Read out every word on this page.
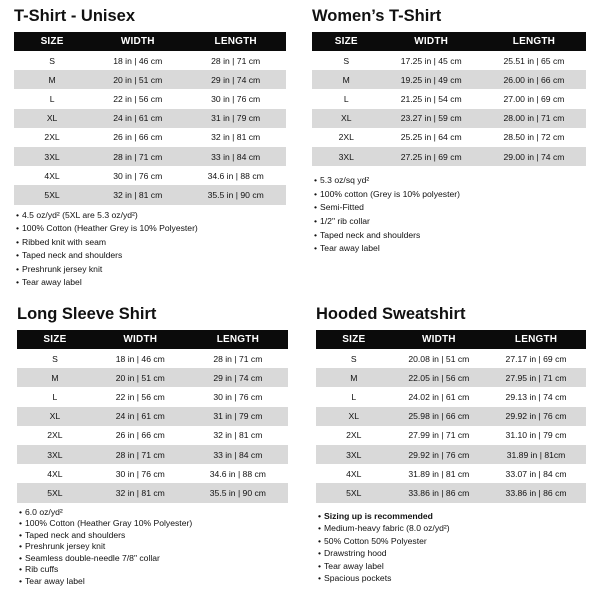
T-Shirt - Unisex
SIZE	WIDTH	LENGTH
S	18 in | 46 cm	28 in | 71 cm
M	20 in | 51 cm	29 in | 74 cm
L	22 in | 56 cm	30 in | 76 cm
XL	24 in | 61 cm	31 in | 79 cm
2XL	26 in | 66 cm	32 in | 81 cm
3XL	28 in | 71 cm	33 in | 84 cm
4XL	30 in | 76 cm	34.6 in | 88 cm
5XL	32 in | 81 cm	35.5 in | 90 cm
• 4.5 oz/yd² (5XL are 5.3 oz/yd²)
• 100% Cotton (Heather Grey is 10% Polyester)
• Ribbed knit with seam
• Taped neck and shoulders
• Preshrunk jersey knit
• Tear away label
Women’s T-Shirt
SIZE	WIDTH	LENGTH
S	17.25 in | 45 cm	25.51 in | 65 cm
M	19.25 in | 49 cm	26.00 in | 66 cm
L	21.25 in | 54 cm	27.00 in | 69 cm
XL	23.27 in | 59 cm	28.00 in | 71 cm
2XL	25.25 in | 64 cm	28.50 in | 72 cm
3XL	27.25 in | 69 cm	29.00 in | 74 cm
• 5.3 oz/sq yd²
• 100% cotton (Grey is 10% polyester)
• Semi-Fitted
• 1/2" rib collar
• Taped neck and shoulders
• Tear away label
Long Sleeve Shirt
SIZE	WIDTH	LENGTH
S	18 in | 46 cm	28 in | 71 cm
M	20 in | 51 cm	29 in | 74 cm
L	22 in | 56 cm	30 in | 76 cm
XL	24 in | 61 cm	31 in | 79 cm
2XL	26 in | 66 cm	32 in | 81 cm
3XL	28 in | 71 cm	33 in | 84 cm
4XL	30 in | 76 cm	34.6 in | 88 cm
5XL	32 in | 81 cm	35.5 in | 90 cm
• 6.0 oz/yd²
• 100% Cotton (Heather Gray 10% Polyester)
• Taped neck and shoulders
• Preshrunk jersey knit
• Seamless double-needle 7/8" collar
• Rib cuffs
• Tear away label
Hooded Sweatshirt
SIZE	WIDTH	LENGTH
S	20.08 in | 51 cm	27.17 in | 69 cm
M	22.05 in | 56 cm	27.95 in | 71 cm
L	24.02 in | 61 cm	29.13 in | 74 cm
XL	25.98 in | 66 cm	29.92 in | 76 cm
2XL	27.99 in | 71 cm	31.10 in | 79 cm
3XL	29.92 in | 76 cm	31.89 in | 81cm
4XL	31.89 in | 81 cm	33.07 in | 84 cm
5XL	33.86 in | 86 cm	33.86 in | 86 cm
• Sizing up is recommended
• Medium-heavy fabric (8.0 oz/yd²)
• 50% Cotton 50% Polyester
• Drawstring hood
• Tear away label
• Spacious pockets
